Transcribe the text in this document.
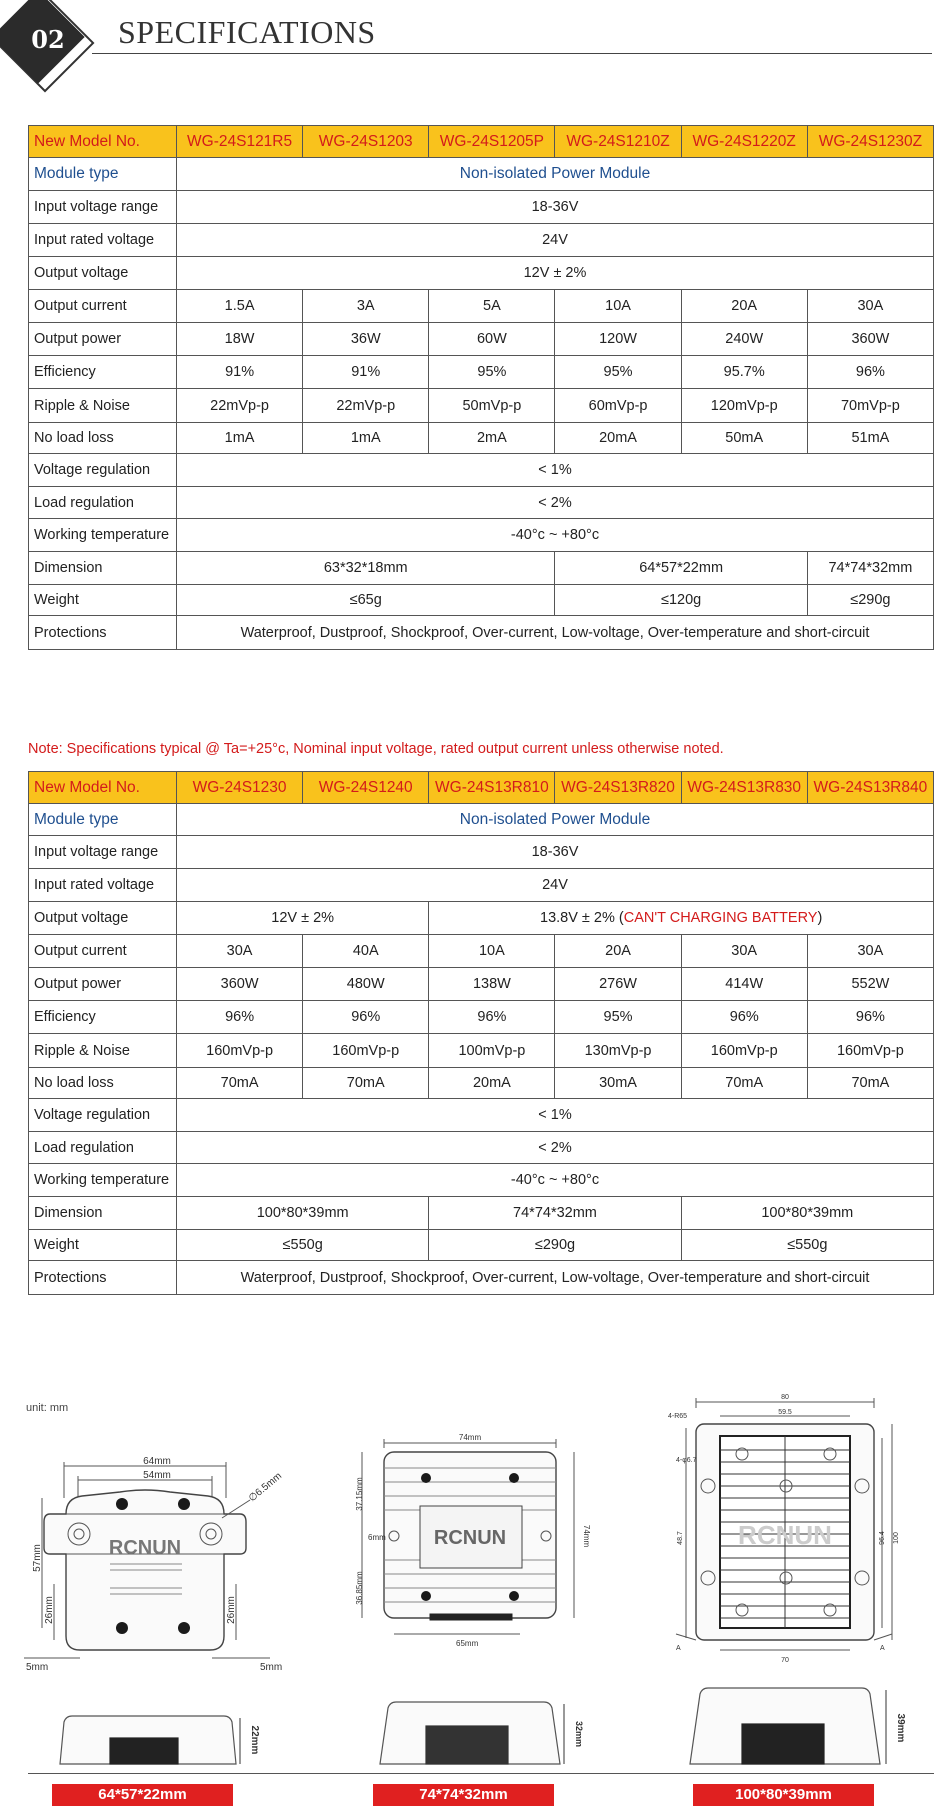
02	SPECIFICATIONS
New Model No.	WG-24S121R5	WG-24S1203	WG-24S1205P	WG-24S1210Z	WG-24S1220Z	WG-24S1230Z
Module type	Non-isolated Power Module					
Input voltage range	18-36V					
Input rated voltage	24V					
Output voltage	12V ± 2%					
Output current	1.5A	3A	5A	10A	20A	30A
Output power	18W	36W	60W	120W	240W	360W
Efficiency	91%	91%	95%	95%	95.7%	96%
Ripple & Noise	22mVp-p	22mVp-p	50mVp-p	60mVp-p	120mVp-p	70mVp-p
No load loss	1mA	1mA	2mA	20mA	50mA	51mA
Voltage regulation	< 1%					
Load regulation	< 2%					
Working temperature	-40°c ~ +80°c					
Dimension	63*32*18mm			64*57*22mm		74*74*32mm
Weight	≤65g			≤120g		≤290g
Protections	Waterproof, Dustproof, Shockproof, Over-current, Low-voltage, Over-temperature and short-circuit					
Note: Specifications typical @ Ta=+25°c, Nominal input voltage, rated output current unless otherwise noted.
New Model No.	WG-24S1230	WG-24S1240	WG-24S13R810	WG-24S13R820	WG-24S13R830	WG-24S13R840
Module type	Non-isolated Power Module					
Input voltage range	18-36V					
Input rated voltage	24V					
Output voltage	12V ± 2%		13.8V ± 2% (CAN'T CHARGING BATTERY)			
Output current	30A	40A	10A	20A	30A	30A
Output power	360W	480W	138W	276W	414W	552W
Efficiency	96%	96%	96%	95%	96%	96%
Ripple & Noise	160mVp-p	160mVp-p	100mVp-p	130mVp-p	160mVp-p	160mVp-p
No load loss	70mA	70mA	20mA	30mA	70mA	70mA
Voltage regulation	< 1%					
Load regulation	< 2%					
Working temperature	-40°c ~ +80°c					
Dimension	100*80*39mm		74*74*32mm		100*80*39mm	
Weight	≤550g		≤290g		≤550g	
Protections	Waterproof, Dustproof, Shockproof, Over-current, Low-voltage, Over-temperature and short-circuit					
unit: mm
RCNUN
64mm
54mm
57mm
26mm	26mm
5mm	5mm
∅6.5mm
22mm
RCNUN
74mm
74mm
37.15mm
36.85mm
6mm
65mm
32mm
RCNUN
80
59.5
4-R65
4-φ6.7
48.7	96.4 100
70
A	A
39mm
64*57*22mm	74*74*32mm	100*80*39mm
